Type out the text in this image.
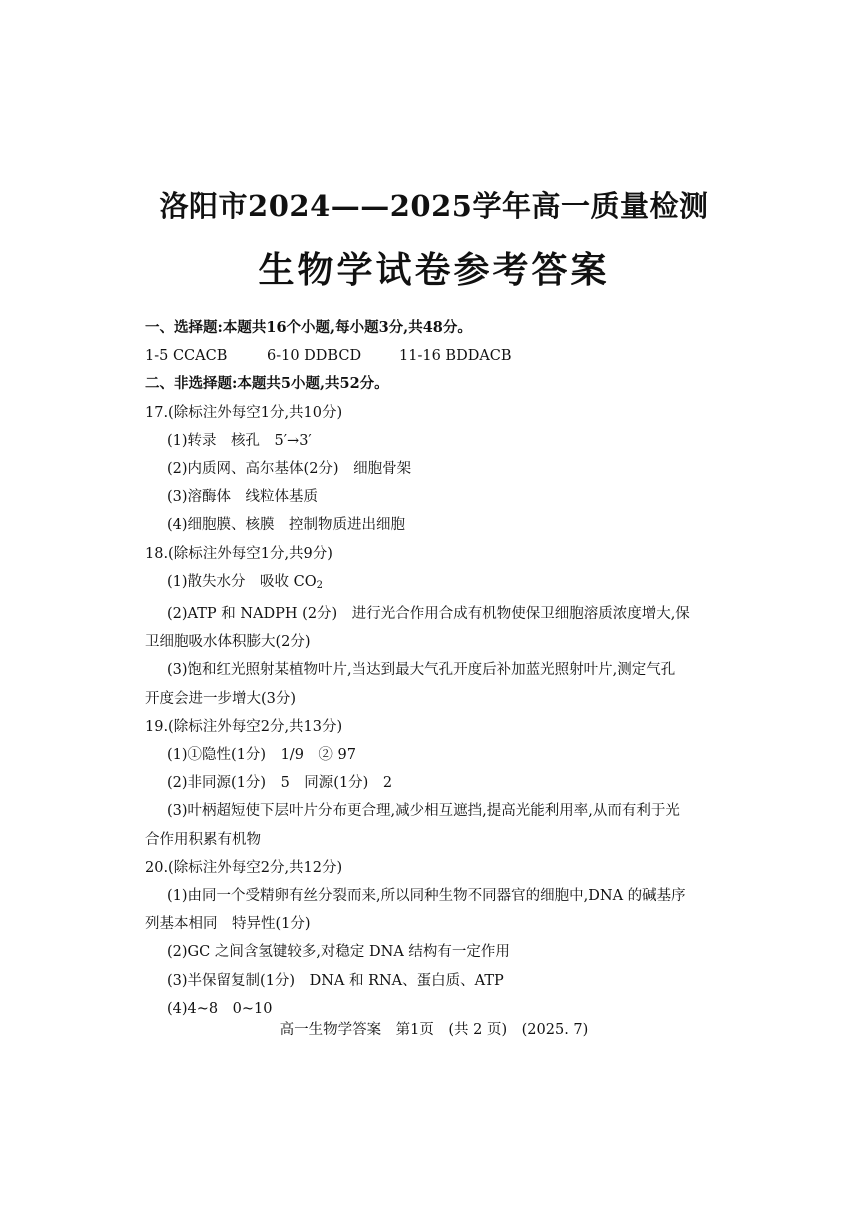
洛阳市2024——2025学年高一质量检测
生物学试卷参考答案
一、选择题:本题共16个小题,每小题3分,共48分。
1-5 CCACB	6-10 DDBCD	11-16 BDDACB
二、非选择题:本题共5小题,共52分。
17.(除标注外每空1分,共10分)
(1)转录　核孔　5′→3′
(2)内质网、高尔基体(2分)　细胞骨架
(3)溶酶体　线粒体基质
(4)细胞膜、核膜　控制物质进出细胞
18.(除标注外每空1分,共9分)
(1)散失水分　吸收 $CO_2$
(2)ATP 和 NADPH (2分)　进行光合作用合成有机物使保卫细胞溶质浓度增大,保
卫细胞吸水体积膨大(2分)
(3)饱和红光照射某植物叶片,当达到最大气孔开度后补加蓝光照射叶片,测定气孔
开度会进一步增大(3分)
19.(除标注外每空2分,共13分)
(1)①隐性(1分)　1/9　② 97
(2)非同源(1分)　5　同源(1分)　2
(3)叶柄超短使下层叶片分布更合理,减少相互遮挡,提高光能利用率,从而有利于光
合作用积累有机物
20.(除标注外每空2分,共12分)
(1)由同一个受精卵有丝分裂而来,所以同种生物不同器官的细胞中,DNA 的碱基序
列基本相同　特异性(1分)
(2)GC 之间含氢键较多,对稳定 DNA 结构有一定作用
(3)半保留复制(1分)　DNA 和 RNA、蛋白质、ATP
(4)4~8　0~10
高一生物学答案　第1页　(共 2 页)　(2025. 7)
